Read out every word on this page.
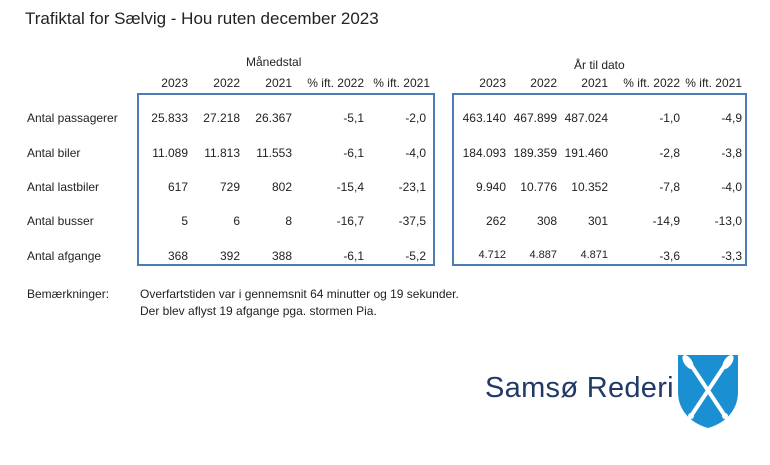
Trafiktal for Sælvig - Hou ruten december 2023
Månedstal	År til dato
2023	2022	2021	% ift. 2022 % ift. 2021	2023	2022	2021	% ift. 2022 % ift. 2021
Antal passagerer	25.833	27.218	26.367	-5,1	-2,0	463.140 467.899 487.024	-1,0	-4,9
Antal biler	11.089	11.813	11.553	-6,1	-4,0	184.093 189.359 191.460	-2,8	-3,8
Antal lastbiler	617	729	802	-15,4	-23,1	9.940	10.776	10.352	-7,8	-4,0
Antal busser	5	6	8	-16,7	-37,5	262	308	301	-14,9	-13,0
Antal afgange	368	392	388	-6,1	-5,2	4.712	4.887	4.871	-3,6	-3,3
Bemærkninger:	Overfartstiden var i gennemsnit 64 minutter og 19 sekunder.
Der blev aflyst 19 afgange pga. stormen Pia.
Samsø Rederi
